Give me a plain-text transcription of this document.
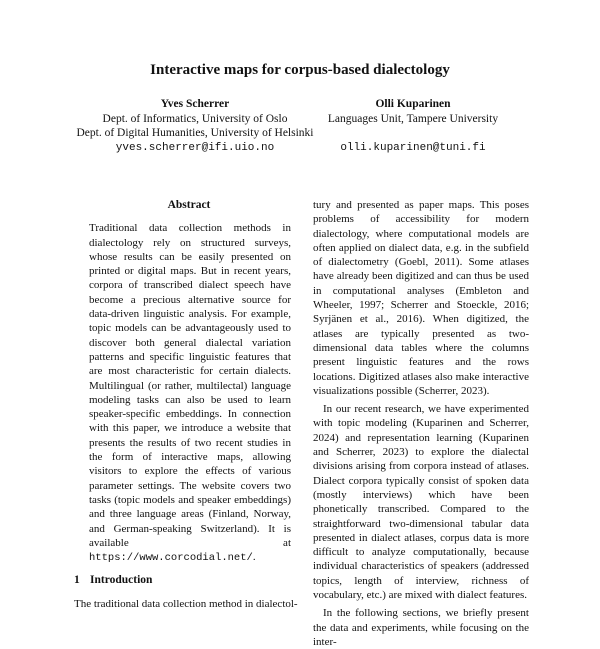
Interactive maps for corpus-based dialectology
Yves Scherrer
Dept. of Informatics, University of Oslo
Dept. of Digital Humanities, University of Helsinki
yves.scherrer@ifi.uio.no
Olli Kuparinen
Languages Unit, Tampere University
olli.kuparinen@tuni.fi

Abstract

Traditional data collection methods in dialectology rely on structured surveys, whose results can be easily presented on printed or digital maps. But in recent years, corpora of transcribed dialect speech have become a precious alternative source for data-driven linguistic analysis. For example, topic models can be advantageously used to discover both general dialectal variation patterns and specific linguistic features that are most characteristic for certain dialects. Multilingual (or rather, multilectal) language modeling tasks can also be used to learn speaker-specific embeddings. In connection with this paper, we introduce a website that presents the results of two recent studies in the form of interactive maps, allowing visitors to explore the effects of various parameter settings. The website covers two tasks (topic models and speaker embeddings) and three language areas (Finland, Norway, and German-speaking Switzerland). It is available at https://www.corcodial.net/.

1 Introduction

The traditional data collection method in dialectol-

tury and presented as paper maps. This poses problems of accessibility for modern dialectology, where computational models are often applied on dialect data, e.g. in the subfield of dialectometry (Goebl, 2011). Some atlases have already been digitized and can thus be used in computational analyses (Embleton and Wheeler, 1997; Scherrer and Stoeckle, 2016; Syrjänen et al., 2016). When digitized, the atlases are typically presented as two-dimensional data tables where the columns present linguistic features and the rows locations. Digitized atlases also make interactive visualizations possible (Scherrer, 2023).

In our recent research, we have experimented with topic modeling (Kuparinen and Scherrer, 2024) and representation learning (Kuparinen and Scherrer, 2023) to explore the dialectal divisions arising from corpora instead of atlases. Dialect corpora typically consist of spoken data (mostly interviews) which have been phonetically transcribed. Compared to the straightforward two-dimensional tabular data presented in dialect atlases, corpus data is more difficult to analyze computationally, because individual characteristics of speakers (addressed topics, length of interview, richness of vocabulary, etc.) are mixed with dialect features.

In the following sections, we briefly present the data and experiments, while focusing on the inter-
